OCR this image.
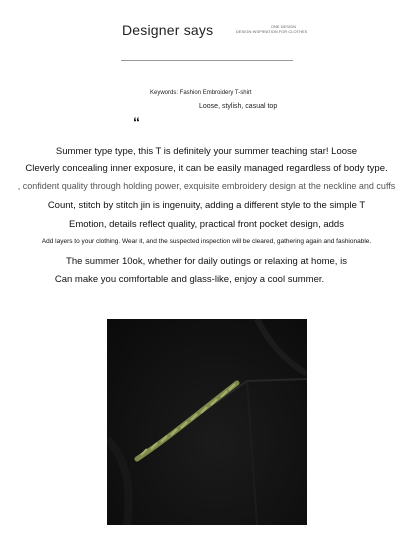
Designer says	ONE DESIGN
DESIGN INSPIRATION FOR CLOTHES
Keywords: Fashion Embroidery T-shirt
Loose, stylish, casual top
“
Summer type type, this T is definitely your summer teaching star! Loose
Cleverly concealing inner exposure, it can be easily managed regardless of body type.
, confident quality through holding power, exquisite embroidery design at the neckline and cuffs
Count, stitch by stitch jin is ingenuity, adding a different style to the simple T
Emotion, details reflect quality, practical front pocket design, adds
Add layers to your clothing. Wear it, and the suspected inspection will be cleared, gathering again and fashionable.
The summer 10ok, whether for daily outings or relaxing at home, is
Can make you comfortable and glass-like, enjoy a cool summer.
